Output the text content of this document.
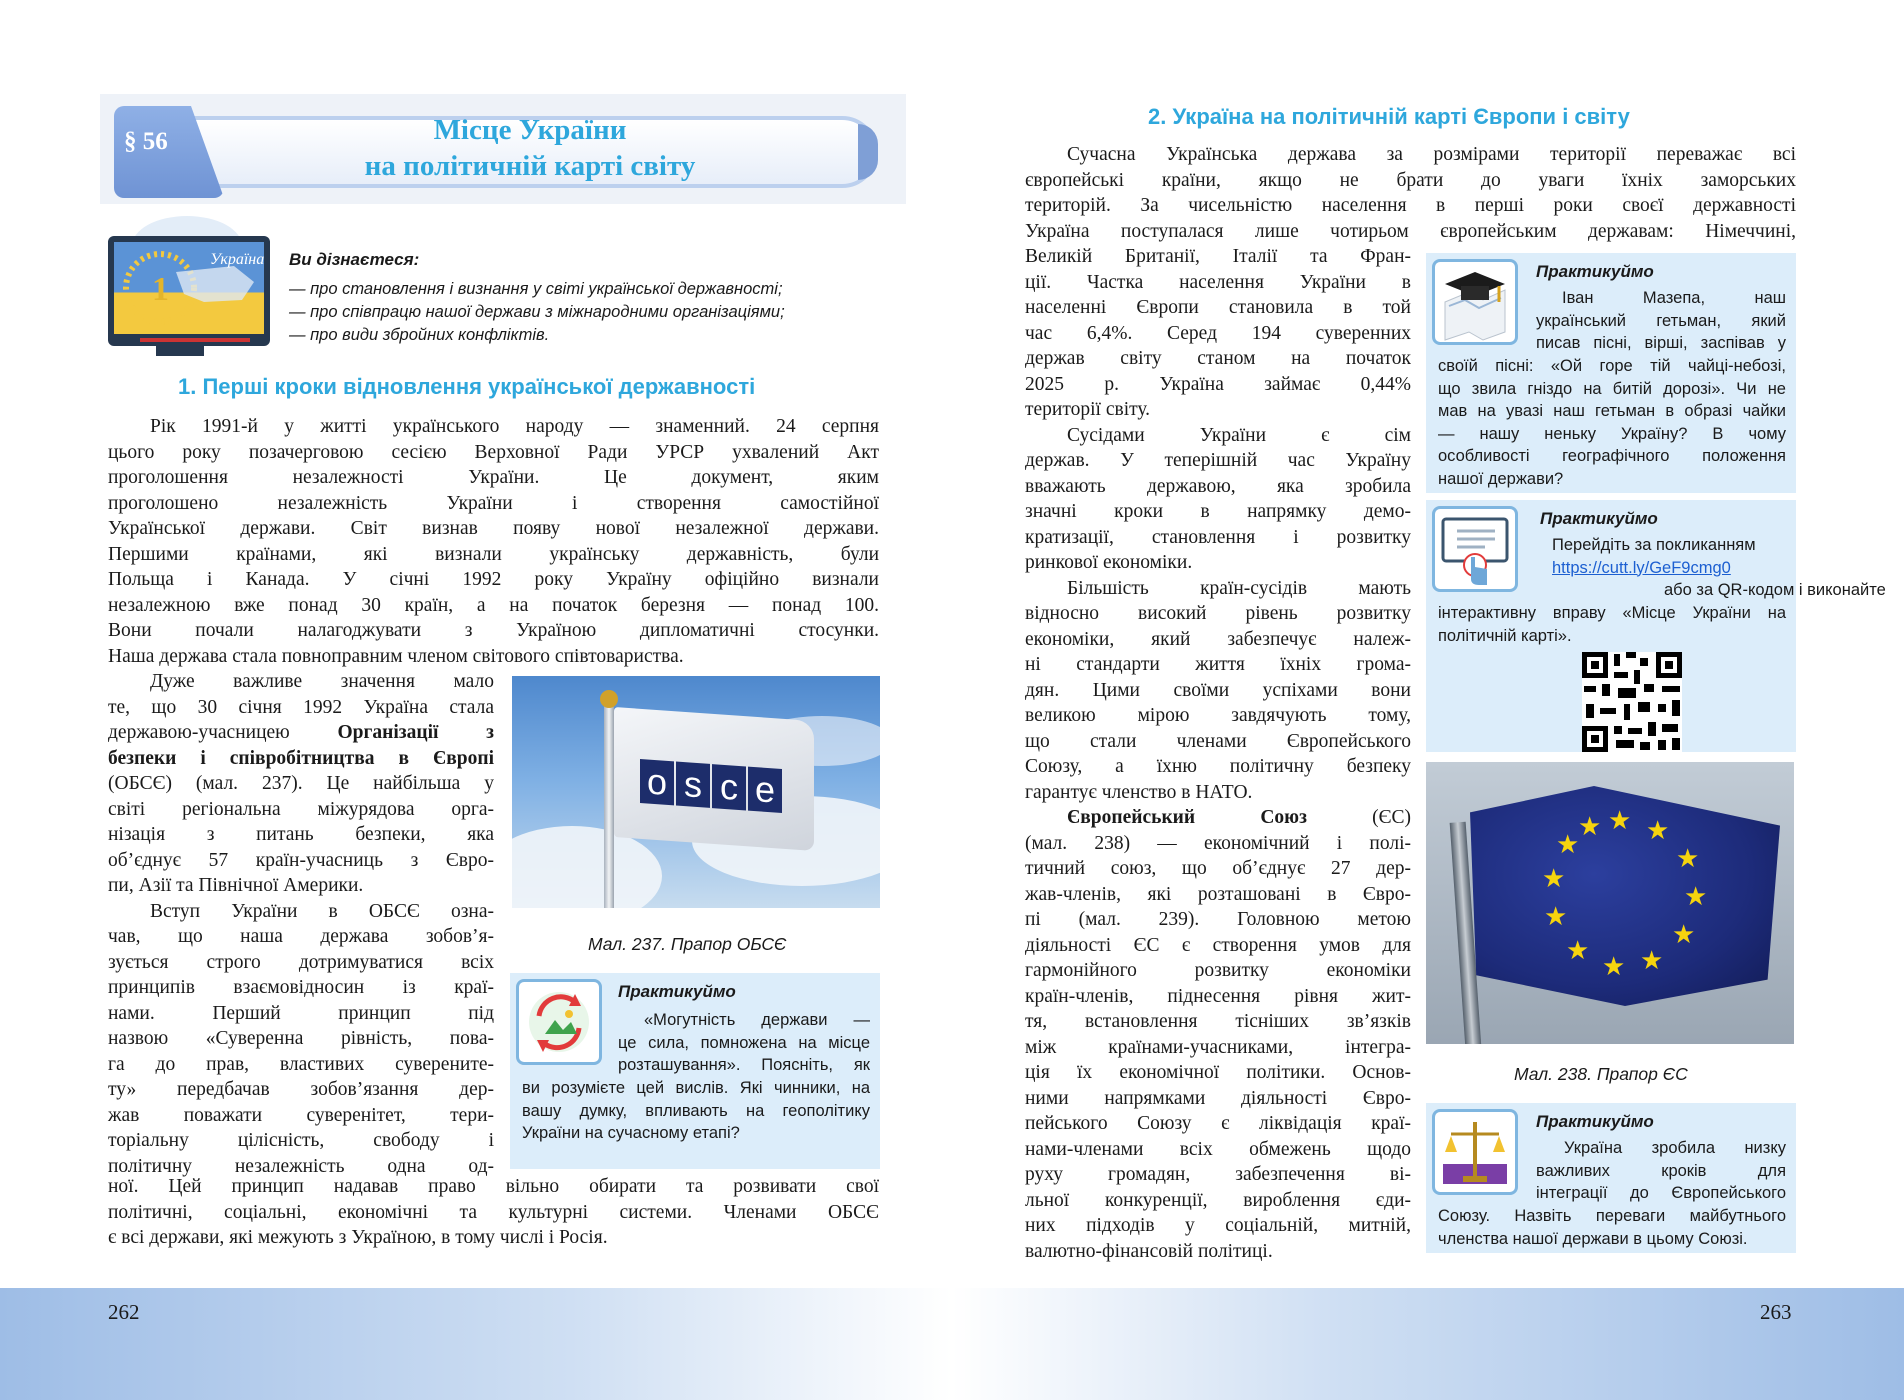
§ 56	Місце України
на політичній карті світу
1
Україна Ви дізнаєтеся:
— про становлення і визнання у світі української державності;
— про співпрацю нашої держави з міжнародними організаціями;
— про види збройних конфліктів.
1. Перші кроки відновлення української державності
Рік 1991-й у житті українського народу — знаменний. 24 серпня
цього року позачерговою сесією Верховної Ради УРСР ухвалений Акт
проголошення незалежності України. Це документ, яким
проголошено незалежність України і створення самостійної
Української держави. Світ визнав появу нової незалежної держави.
Першими країнами, які визнали українську державність, були
Польща і Канада. У січні 1992 року Україну офіційно визнали
незалежною вже понад 30 країн, а на початок березня — понад 100.
Вони почали налагоджувати з Україною дипломатичні стосунки.
Наша держава стала повноправним членом світового співтовариства.
Дуже важливе значення мало
те, що 30 січня 1992 Україна стала
державою-учасницею Організації з
безпеки і співробітництва в Європі
(ОБСЄ) (мал. 237). Це найбільша у
світі регіональна міжурядова орга-
нізація з питань безпеки, яка
об’єднує 57 країн-учасниць з Євро-
пи, Азії та Північної Америки.
Вступ України в ОБСЄ озна-
чав, що наша держава зобов’я-
зується строго дотримуватися всіх
принципів взаємовідносин із краї-
нами. Перший принцип під
назвою «Суверенна рівність, пова-
га до прав, властивих суверените-
ту» передбачав зобов’язання дер-
жав поважати суверенітет, тери-
торіальну цілісність, свободу і
політичну незалежність одна од-
ної. Цей принцип надавав право вільно обирати та розвивати свої
політичні, соціальні, економічні та культурні системи. Членами ОБСЄ
є всі держави, які межують з Україною, в тому числі і Росія.
o s c e
Мал. 237. Прапор ОБСЄ
Практикуймо
«Могутність держави —
це сила, помножена на місце
розташування». Поясніть, як
ви розумієте цей вислів. Які чинники, на
вашу думку, впливають на геополітику
України на сучасному етапі?
262
2. Україна на політичній карті Європи і світу
Сучасна Українська держава за розмірами території переважає всі
європейські країни, якщо не брати до уваги їхніх заморських
територій. За чисельністю населення в перші роки своєї державності
Україна поступалася лише чотирьом європейським державам: Німеччині,
Великій Британії, Італії та Фран-
ції. Частка населення України в
населенні Європи становила в той
час 6,4%. Серед 194 суверенних
держав світу станом на початок
2025 р. Україна займає 0,44%
території світу.
Сусідами України є сім
держав. У теперішній час Україну
вважають державою, яка зробила
значні кроки в напрямку демо-
кратизації, становлення і розвитку
ринкової економіки.
Більшість країн-сусідів мають
відносно високий рівень розвитку
економіки, який забезпечує належ-
ні стандарти життя їхніх грома-
дян. Цими своїми успіхами вони
великою мірою завдячують тому,
що стали членами Європейського
Союзу, а їхню політичну безпеку
гарантує членство в НАТО.
Європейський Союз	(ЄС)
(мал. 238) — економічний і полі-
тичний союз, що об’єднує 27 дер-
жав-членів, які розташовані в Євро-
пі (мал. 239). Головною метою
діяльності ЄС є створення умов для
гармонійного розвитку економіки
країн-членів, піднесення рівня жит-
тя, встановлення тісніших зв’язків
між країнами-учасниками, інтегра-
ція їх економічної політики. Основ-
ними напрямками діяльності Євро-
пейського Союзу є ліквідація краї-
нами-членами всіх обмежень щодо
руху громадян, забезпечення ві-
льної конкуренції, вироблення єди-
них підходів у соціальній, митній,
валютно-фінансовій політиці.
Практикуймо
Іван Мазепа, наш
український гетьман, який
писав пісні, вірші, заспівав у
своїй пісні: «Ой горе тій чайці-небозі,
що звила гніздо на битій дорозі». Чи не
мав на увазі наш гетьман в образі чайки
— нашу неньку Україну? В чому
особливості географічного положення
нашої держави?
Практикуймо
Перейдіть за покликанням
https://cutt.ly/GeF9cmg0
або за QR-кодом і виконайте
інтерактивну вправу «Місце України на
політичній карті».
★ ★
★
★
★
★
★
★
★
★
★
★
Мал. 238. Прапор ЄС
Практикуймо
Україна зробила низку
важливих кроків для
інтеграції до Європейського
Союзу. Назвіть переваги майбутнього
членства нашої держави в цьому Союзі.
263
